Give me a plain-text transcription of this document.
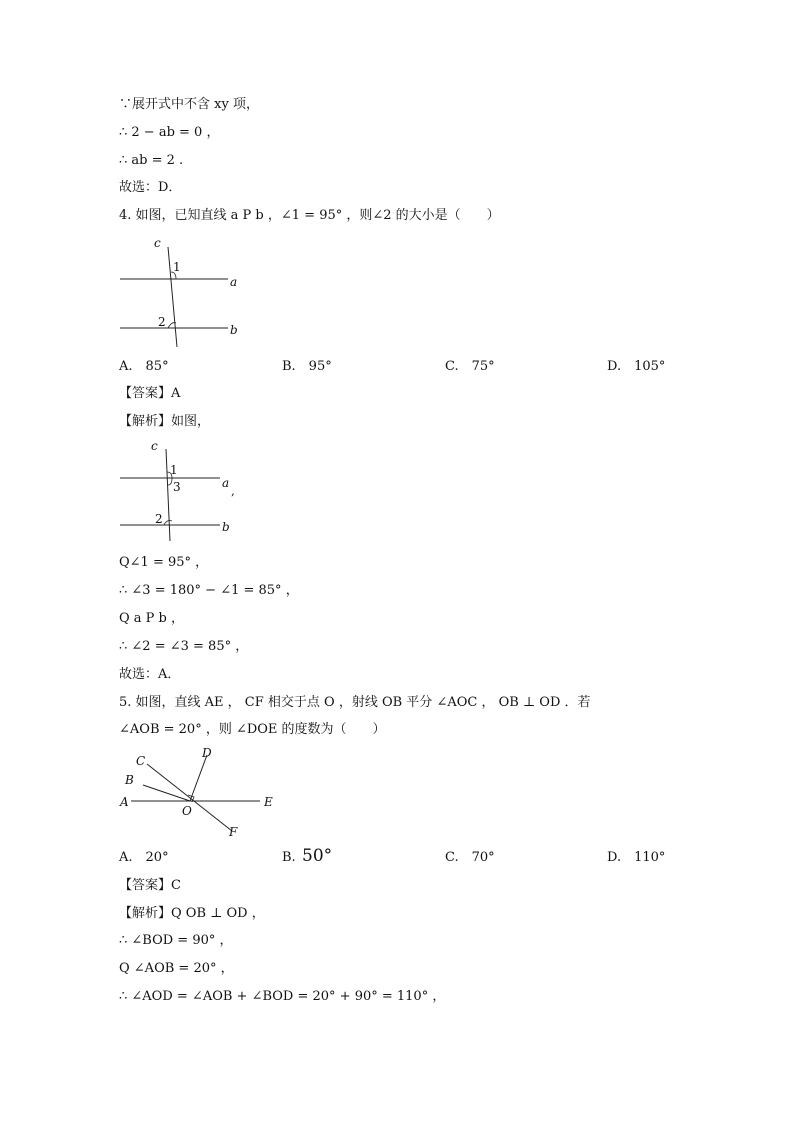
∵展开式中不含 xy 项，
∴ 2 − ab = 0 ，
∴ ab = 2 .
故选：D．
4. 如图，已知直线 a P b ，∠1 = 95° ，则∠2 的大小是（　　）
c
1
a
2
b
A.　85°	B.　95°	C.　75°	D.　105°
【答案】A
【解析】如图，
c
1
3	a
,
2
b
Q∠1 = 95° ，
∴ ∠3 = 180° − ∠1 = 85° ，
Q a P b ，
∴ ∠2 = ∠3 = 85° ，
故选：A．
5. 如图，直线 AE ， CF 相交于点 O ，射线 OB 平分 ∠AOC ， OB ⊥ OD ．若
∠AOB = 20° ，则 ∠DOE 的度数为（　　）
C
D
B
A	E
O
F
A.　20°	B. 50°	C.　70°	D.　110°
【答案】C
【解析】Q OB ⊥ OD ，
∴ ∠BOD = 90° ，
Q ∠AOB = 20° ，
∴ ∠AOD = ∠AOB + ∠BOD = 20° + 90° = 110° ，
